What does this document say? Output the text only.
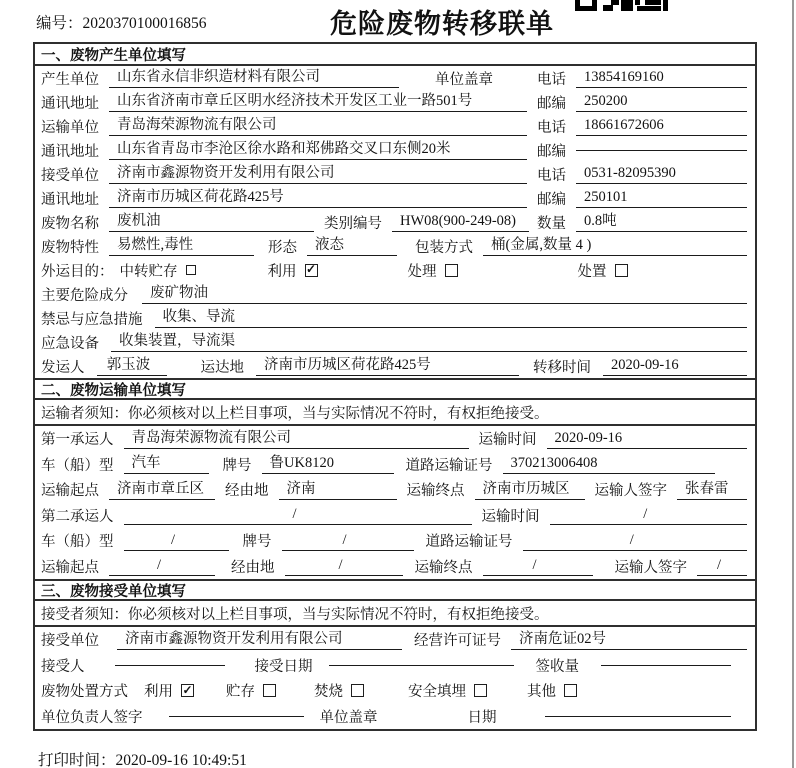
编号：2020370100016856	危险废物转移联单
一、废物产生单位填写
产生单位	山东省永信非织造材料有限公司	单位盖章	电话	13854169160
通讯地址	山东省济南市章丘区明水经济技术开发区工业一路501号	邮编	250200
运输单位	青岛海荣源物流有限公司	电话	18661672606
通讯地址	山东省青岛市李沧区徐水路和郑佛路交叉口东侧20米	邮编
接受单位	济南市鑫源物资开发利用有限公司	电话	0531-82095390
通讯地址	济南市历城区荷花路425号	邮编	250101
废物名称	废机油	类别编号	HW08(900-249-08)	数量	0.8吨
废物特性	易燃性,毒性	形态	液态	包装方式	桶(金属,数量 4 )
外运目的： 中转贮存	利用 ✓	处理	处置
主要危险成分	废矿物油
禁忌与应急措施	收集、导流
应急设备	收集装置，导流渠
发运人	郭玉波	运达地	济南市历城区荷花路425号	转移时间	2020-09-16
二、废物运输单位填写
运输者须知：你必须核对以上栏目事项，当与实际情况不符时，有权拒绝接受。
第一承运人	青岛海荣源物流有限公司	运输时间	2020-09-16
车（船）型	汽车	牌号	鲁UK8120	道路运输证号	370213006408
运输起点	济南市章丘区	经由地	济南	运输终点	济南市历城区	运输人签字	张春雷
第二承运人	/	运输时间	/
车（船）型	/	牌号	/	道路运输证号	/
运输起点	/	经由地	/	运输终点	/	运输人签字	/
三、废物接受单位填写
接受者须知：你必须核对以上栏目事项，当与实际情况不符时，有权拒绝接受。
接受单位	济南市鑫源物资开发利用有限公司	经营许可证号	济南危证02号
接受人	接受日期	签收量
废物处置方式 利用 ✓ 贮存	焚烧	安全填埋	其他
单位负责人签字	单位盖章	日期
打印时间：2020-09-16 10:49:51
